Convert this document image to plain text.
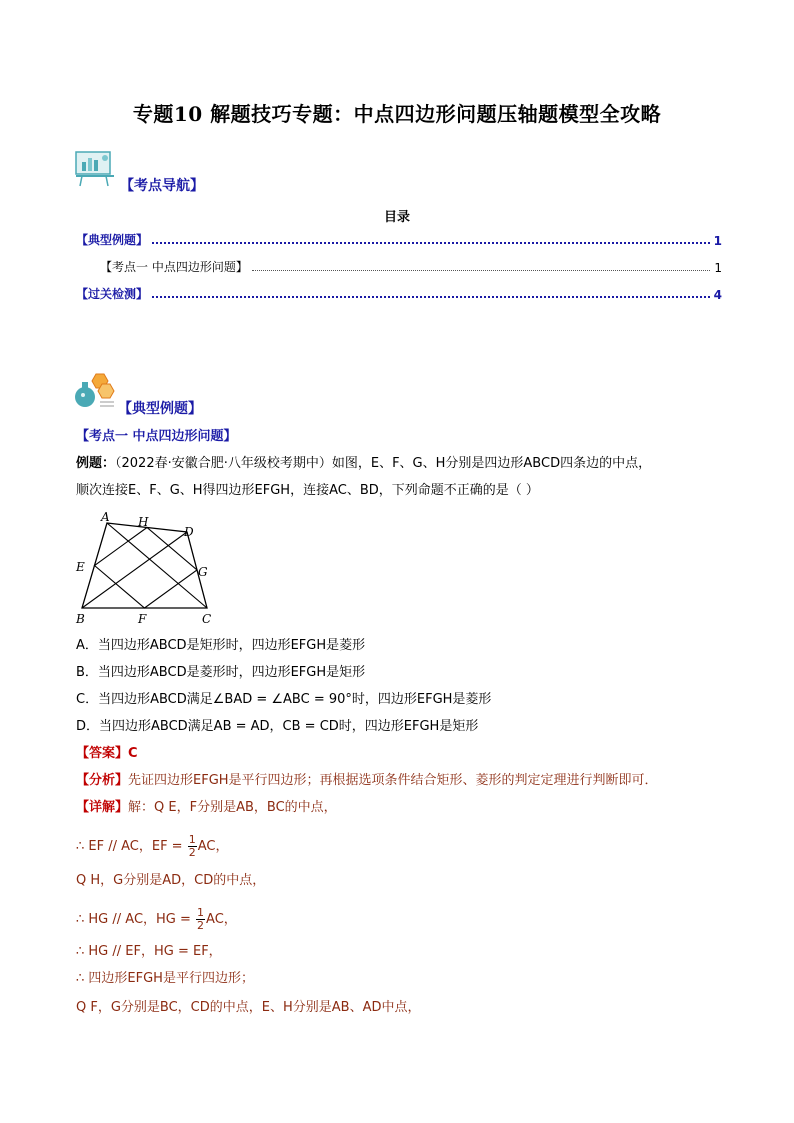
专题10 解题技巧专题：中点四边形问题压轴题模型全攻略
【考点导航】
目录
【典型例题】	1
【考点一 中点四边形问题】	1
【过关检测】	4
【典型例题】
【考点一 中点四边形问题】
例题：（2022春·安徽合肥·八年级校考期中）如图，E、F、G、H分别是四边形ABCD四条边的中点，
顺次连接E、F、G、H得四边形EFGH，连接AC、BD，下列命题不正确的是（ ）
A H
D
E	G
B	F	C
A．当四边形ABCD是矩形时，四边形EFGH是菱形
B．当四边形ABCD是菱形时，四边形EFGH是矩形
C．当四边形ABCD满足∠BAD = ∠ABC = 90°时，四边形EFGH是菱形
D．当四边形ABCD满足AB = AD，CB = CD时，四边形EFGH是矩形
【答案】C
【分析】先证四边形EFGH是平行四边形；再根据选项条件结合矩形、菱形的判定定理进行判断即可．
【详解】解：Q E，F分别是AB，BC的中点，
∴ EF // AC，EF = $\frac{1}{2}$ AC，
Q H，G分别是AD，CD的中点，
∴ HG // AC，HG = $\frac{1}{2}$ AC，
∴ HG // EF，HG = EF，
∴ 四边形EFGH是平行四边形；
Q F，G分别是BC，CD的中点，E、H分别是AB、AD中点，
